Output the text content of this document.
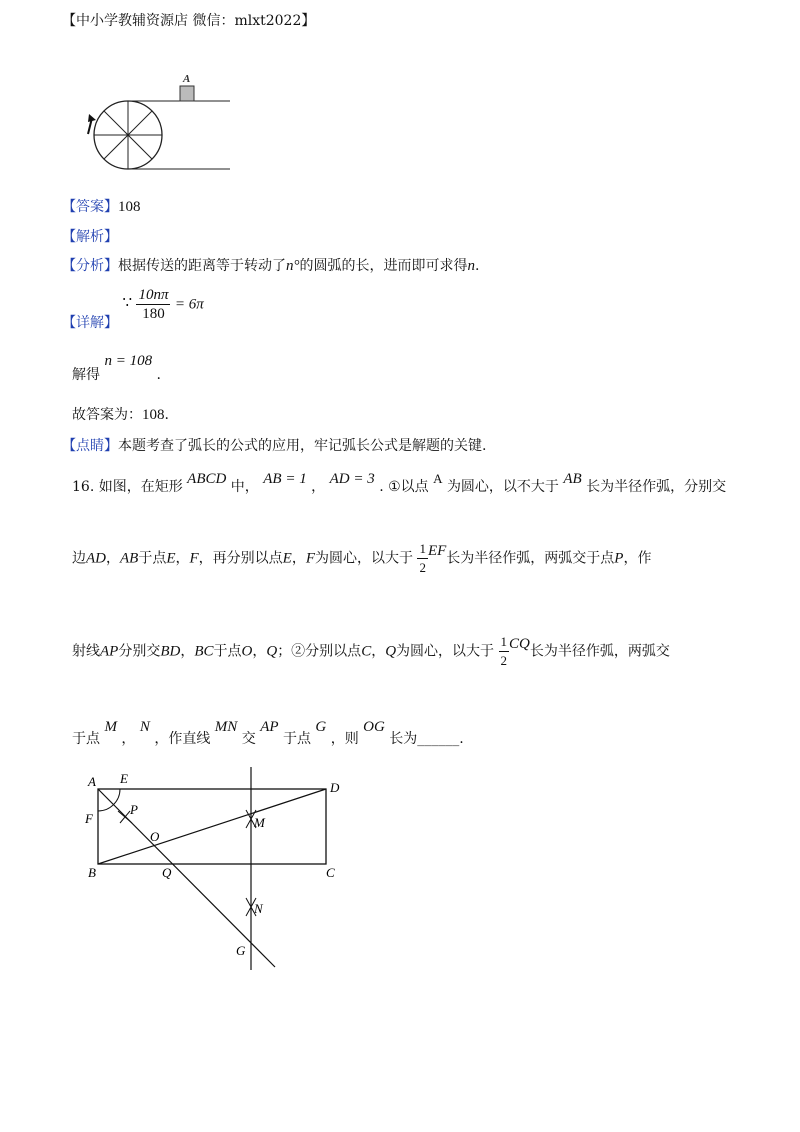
【中小学教辅资源店 微信：mlxt2022】
A
【答案】108
【解析】
【分析】根据传送的距离等于转动了n°的圆弧的长，进而即可求得n.
【详解】 ∵ $\frac{10n\pi}{180} = 6\pi$
解得 n = 108 .
故答案为：108.
【点睛】本题考查了弧长的公式的应用，牢记弧长公式是解题的关键.
16. 如图，在矩形 ABCD 中， AB = 1 ， AD = 3 . ①以点 A 为圆心，以不大于 AB 长为半径作弧，分别交
边AD，AB于点E，F，再分别以点E，F为圆心，以大于 $\frac{1}{2}$ EF长为半径作弧，两弧交于点P，作
射线AP分别交BD，BC于点O，Q；②分别以点C，Q为圆心，以大于 $\frac{1}{2}$ CQ长为半径作弧，两弧交
于点 M ， N ，作直线 MN 交 AP 于点 G ，则 OG 长为______.
A E
D
P
F
O
M
B	Q	C
N
G
